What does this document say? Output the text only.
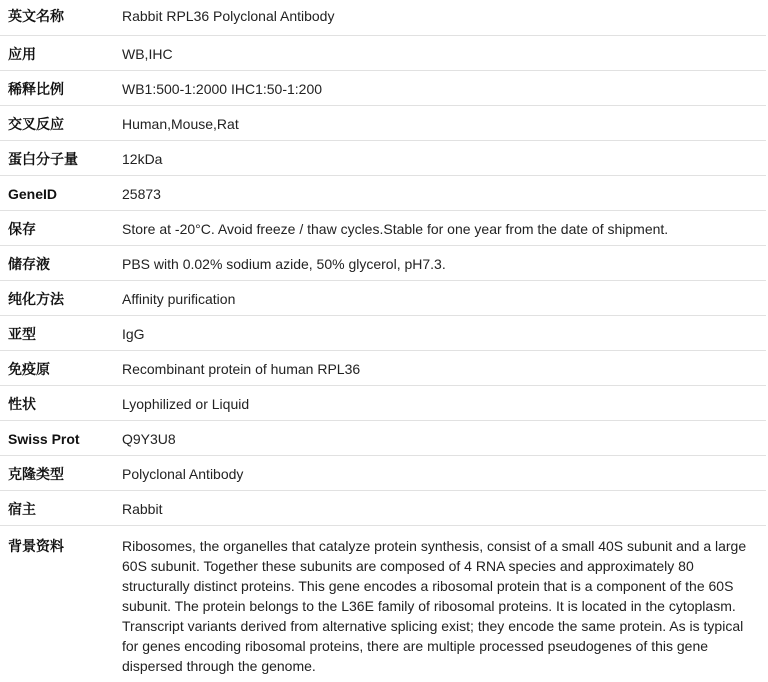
英文名称	Rabbit RPL36 Polyclonal Antibody
应用	WB,IHC
稀释比例	WB1:500-1:2000 IHC1:50-1:200
交叉反应	Human,Mouse,Rat
蛋白分子量	12kDa
GeneID	25873
保存	Store at -20°C. Avoid freeze / thaw cycles.Stable for one year from the date of shipment.
储存液	PBS with 0.02% sodium azide, 50% glycerol, pH7.3.
纯化方法	Affinity purification
亚型	IgG
免疫原	Recombinant protein of human RPL36
性状	Lyophilized or Liquid
Swiss Prot	Q9Y3U8
克隆类型	Polyclonal Antibody
宿主	Rabbit
背景资料	Ribosomes, the organelles that catalyze protein synthesis, consist of a small 40S subunit and a large 60S subunit. Together these subunits are composed of 4 RNA species and approximately 80 structurally distinct proteins. This gene encodes a ribosomal protein that is a component of the 60S subunit. The protein belongs to the L36E family of ribosomal proteins. It is located in the cytoplasm. Transcript variants derived from alternative splicing exist; they encode the same protein. As is typical for genes encoding ribosomal proteins, there are multiple processed pseudogenes of this gene dispersed through the genome.
